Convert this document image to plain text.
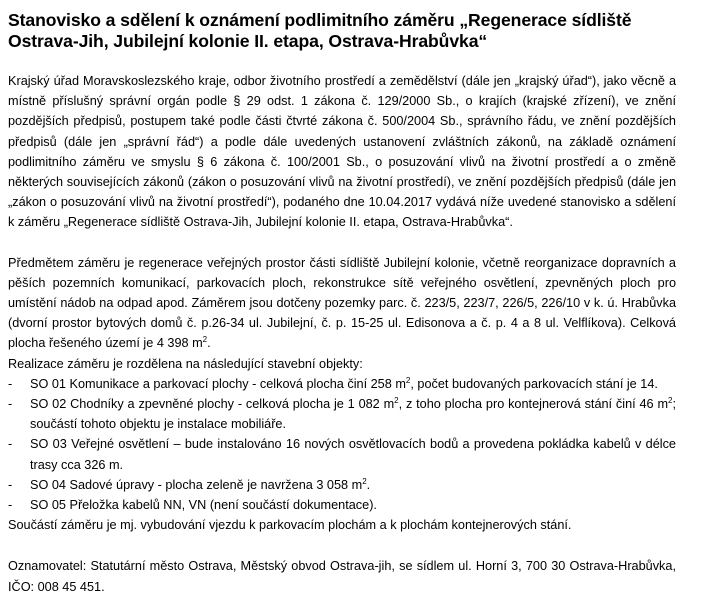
Stanovisko a sdělení k oznámení podlimitního záměru „Regenerace sídliště Ostrava-Jih, Jubilejní kolonie II. etapa, Ostrava-Hrabůvka“

Krajský úřad Moravskoslezského kraje, odbor životního prostředí a zemědělství (dále jen „krajský úřad“), jako věcně a místně příslušný správní orgán podle § 29 odst. 1 zákona č. 129/2000 Sb., o krajích (krajské zřízení), ve znění pozdějších předpisů, postupem také podle části čtvrté zákona č. 500/2004 Sb., správního řádu, ve znění pozdějších předpisů (dále jen „správní řád“) a podle dále uvedených ustanovení zvláštních zákonů, na základě oznámení podlimitního záměru ve smyslu § 6 zákona č. 100/2001 Sb., o posuzování vlivů na životní prostředí a o změně některých souvisejících zákonů (zákon o posuzování vlivů na životní prostředí), ve znění pozdějších předpisů (dále jen „zákon o posuzování vlivů na životní prostředí“), podaného dne 10.04.2017 vydává níže uvedené stanovisko a sdělení k záměru „Regenerace sídliště Ostrava-Jih, Jubilejní kolonie II. etapa, Ostrava-Hrabůvka“.

Předmětem záměru je regenerace veřejných prostor části sídliště Jubilejní kolonie, včetně reorganizace dopravních a pěších pozemních komunikací, parkovacích ploch, rekonstrukce sítě veřejného osvětlení, zpevněných ploch pro umístění nádob na odpad apod. Záměrem jsou dotčeny pozemky parc. č. 223/5, 223/7, 226/5, 226/10 v k. ú. Hrabůvka (dvorní prostor bytových domů č. p.26-34 ul. Jubilejní, č. p. 15-25 ul. Edisonova a č. p. 4 a 8 ul. Velflíkova). Celková plocha řešeného území je 4 398 $m^2$.

Realizace záměru je rozdělena na následující stavební objekty:

- SO 01 Komunikace a parkovací plochy - celková plocha činí 258 $m^2$, počet budovaných parkovacích stání je 14.
- SO 02 Chodníky a zpevněné plochy - celková plocha je 1 082 $m^2$, z toho plocha pro kontejnerová stání činí 46 $m^2$; součástí tohoto objektu je instalace mobiliáře.
- SO 03 Veřejné osvětlení – bude instalováno 16 nových osvětlovacích bodů a provedena pokládka kabelů v délce trasy cca 326 m.
- SO 04 Sadové úpravy - plocha zeleně je navržena 3 058 $m^2$.
- SO 05 Přeložka kabelů NN, VN (není součástí dokumentace).

Součástí záměru je mj. vybudování vjezdu k parkovacím plochám a k plochám kontejnerových stání.

Oznamovatel: Statutární město Ostrava, Městský obvod Ostrava-jih, se sídlem ul. Horní 3, 700 30 Ostrava-Hrabůvka, IČO: 008 45 451.
